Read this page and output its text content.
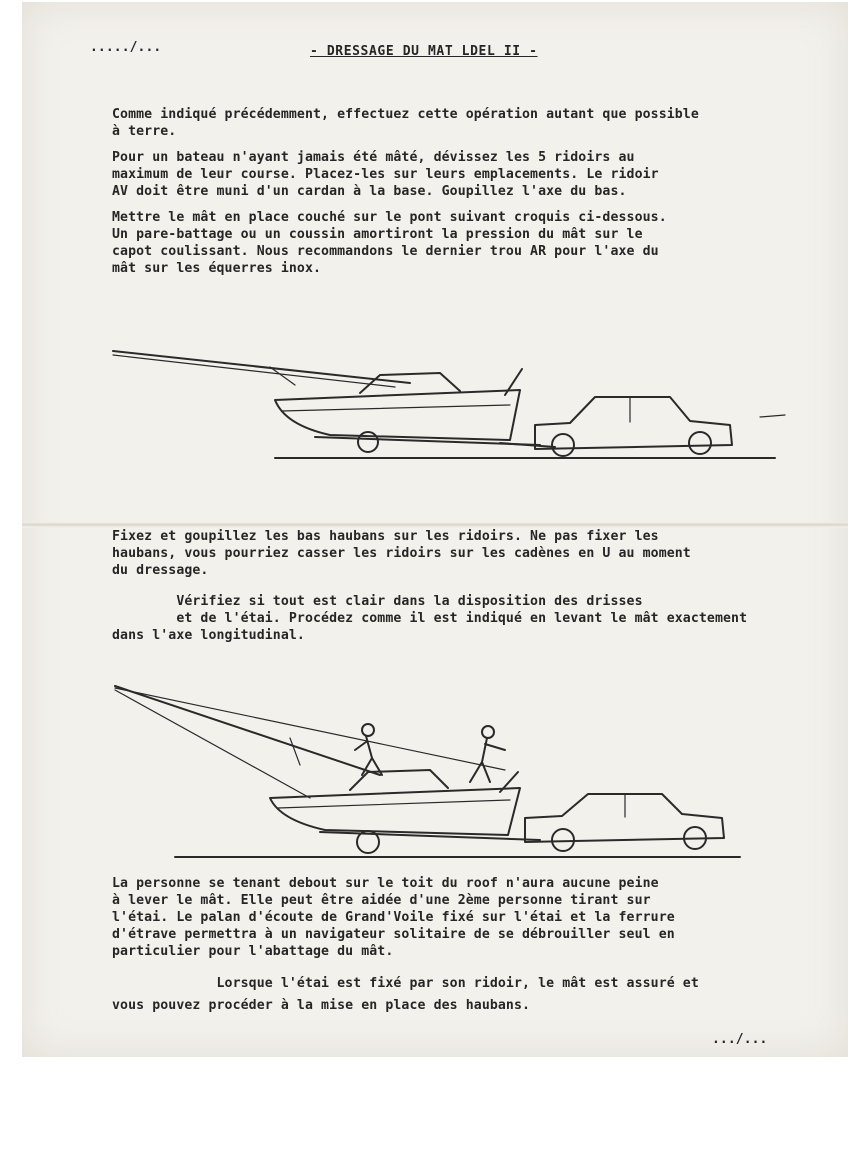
...../...	- DRESSAGE DU MAT LDEL II -
Comme indiqué précédemment, effectuez cette opération autant que possible
à terre.
Pour un bateau n'ayant jamais été mâté, dévissez les 5 ridoirs au
maximum de leur course. Placez-les sur leurs emplacements. Le ridoir
AV doit être muni d'un cardan à la base. Goupillez l'axe du bas.
Mettre le mât en place couché sur le pont suivant croquis ci-dessous.
Un pare-battage ou un coussin amortiront la pression du mât sur le
capot coulissant. Nous recommandons le dernier trou AR pour l'axe du
mât sur les équerres inox.
Fixez et goupillez les bas haubans sur les ridoirs. Ne pas fixer les
haubans, vous pourriez casser les ridoirs sur les cadènes en U au moment
du dressage.
Vérifiez si tout est clair dans la disposition des drisses
et de l'étai. Procédez comme il est indiqué en levant le mât exactement
dans l'axe longitudinal.
La personne se tenant debout sur le toit du roof n'aura aucune peine
à lever le mât. Elle peut être aidée d'une 2ème personne tirant sur
l'étai. Le palan d'écoute de Grand'Voile fixé sur l'étai et la ferrure
d'étrave permettra à un navigateur solitaire de se débrouiller seul en
particulier pour l'abattage du mât.
Lorsque l'étai est fixé par son ridoir, le mât est assuré et
vous pouvez procéder à la mise en place des haubans.
.../...
